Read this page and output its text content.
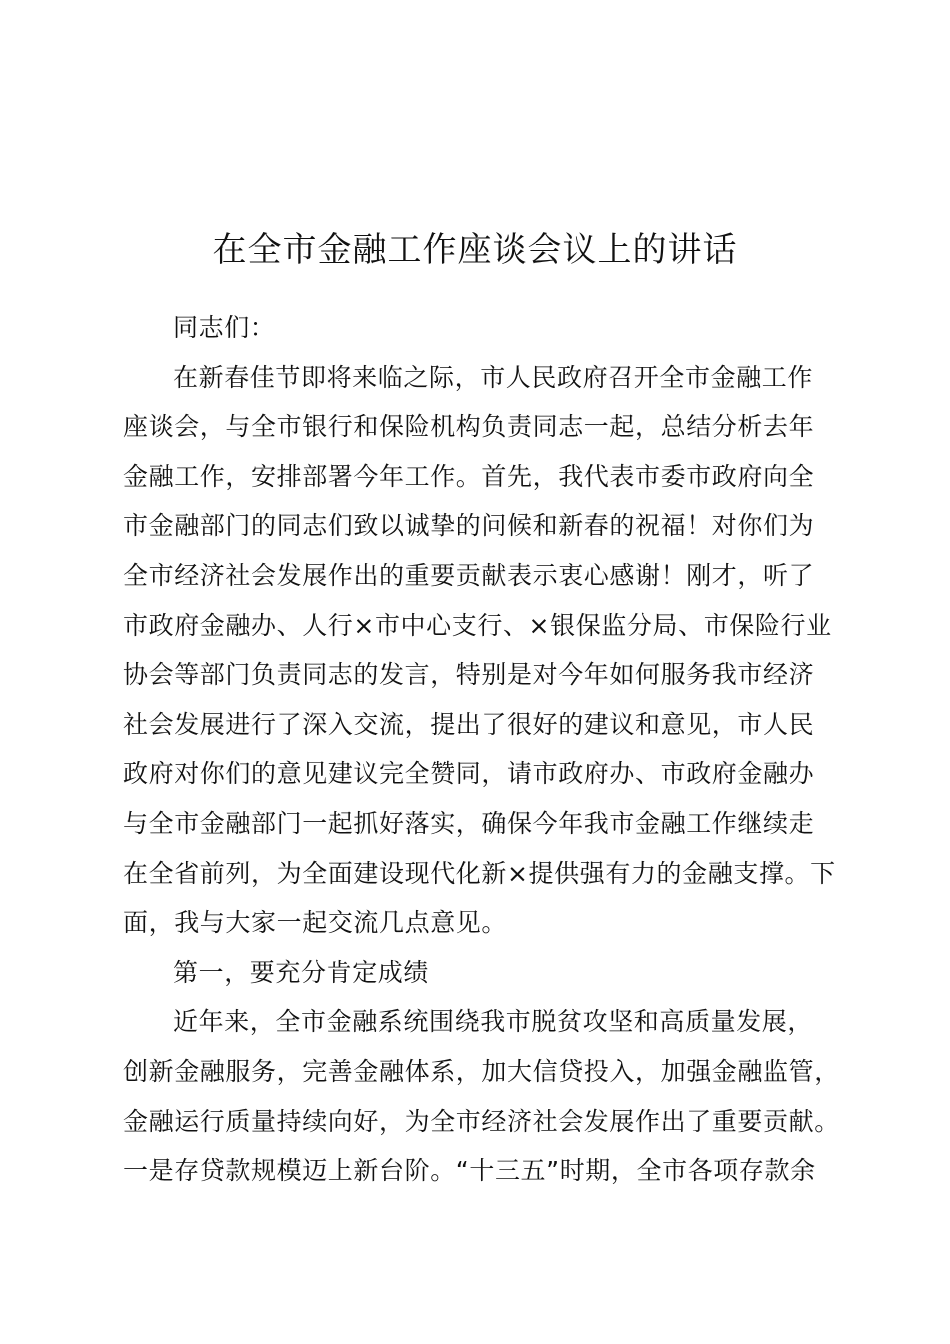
在全市金融工作座谈会议上的讲话
同志们：
在新春佳节即将来临之际，市人民政府召开全市金融工作
座谈会，与全市银行和保险机构负责同志一起，总结分析去年
金融工作，安排部署今年工作。首先，我代表市委市政府向全
市金融部门的同志们致以诚挚的问候和新春的祝福！对你们为
全市经济社会发展作出的重要贡献表示衷心感谢！刚才，听了
市政府金融办、人行×市中心支行、×银保监分局、市保险行业
协会等部门负责同志的发言，特别是对今年如何服务我市经济
社会发展进行了深入交流，提出了很好的建议和意见，市人民
政府对你们的意见建议完全赞同，请市政府办、市政府金融办
与全市金融部门一起抓好落实，确保今年我市金融工作继续走
在全省前列，为全面建设现代化新×提供强有力的金融支撑。下
面，我与大家一起交流几点意见。
第一，要充分肯定成绩
近年来，全市金融系统围绕我市脱贫攻坚和高质量发展，
创新金融服务，完善金融体系，加大信贷投入，加强金融监管，
金融运行质量持续向好，为全市经济社会发展作出了重要贡献。
一是存贷款规模迈上新台阶。“十三五”时期，全市各项存款余
